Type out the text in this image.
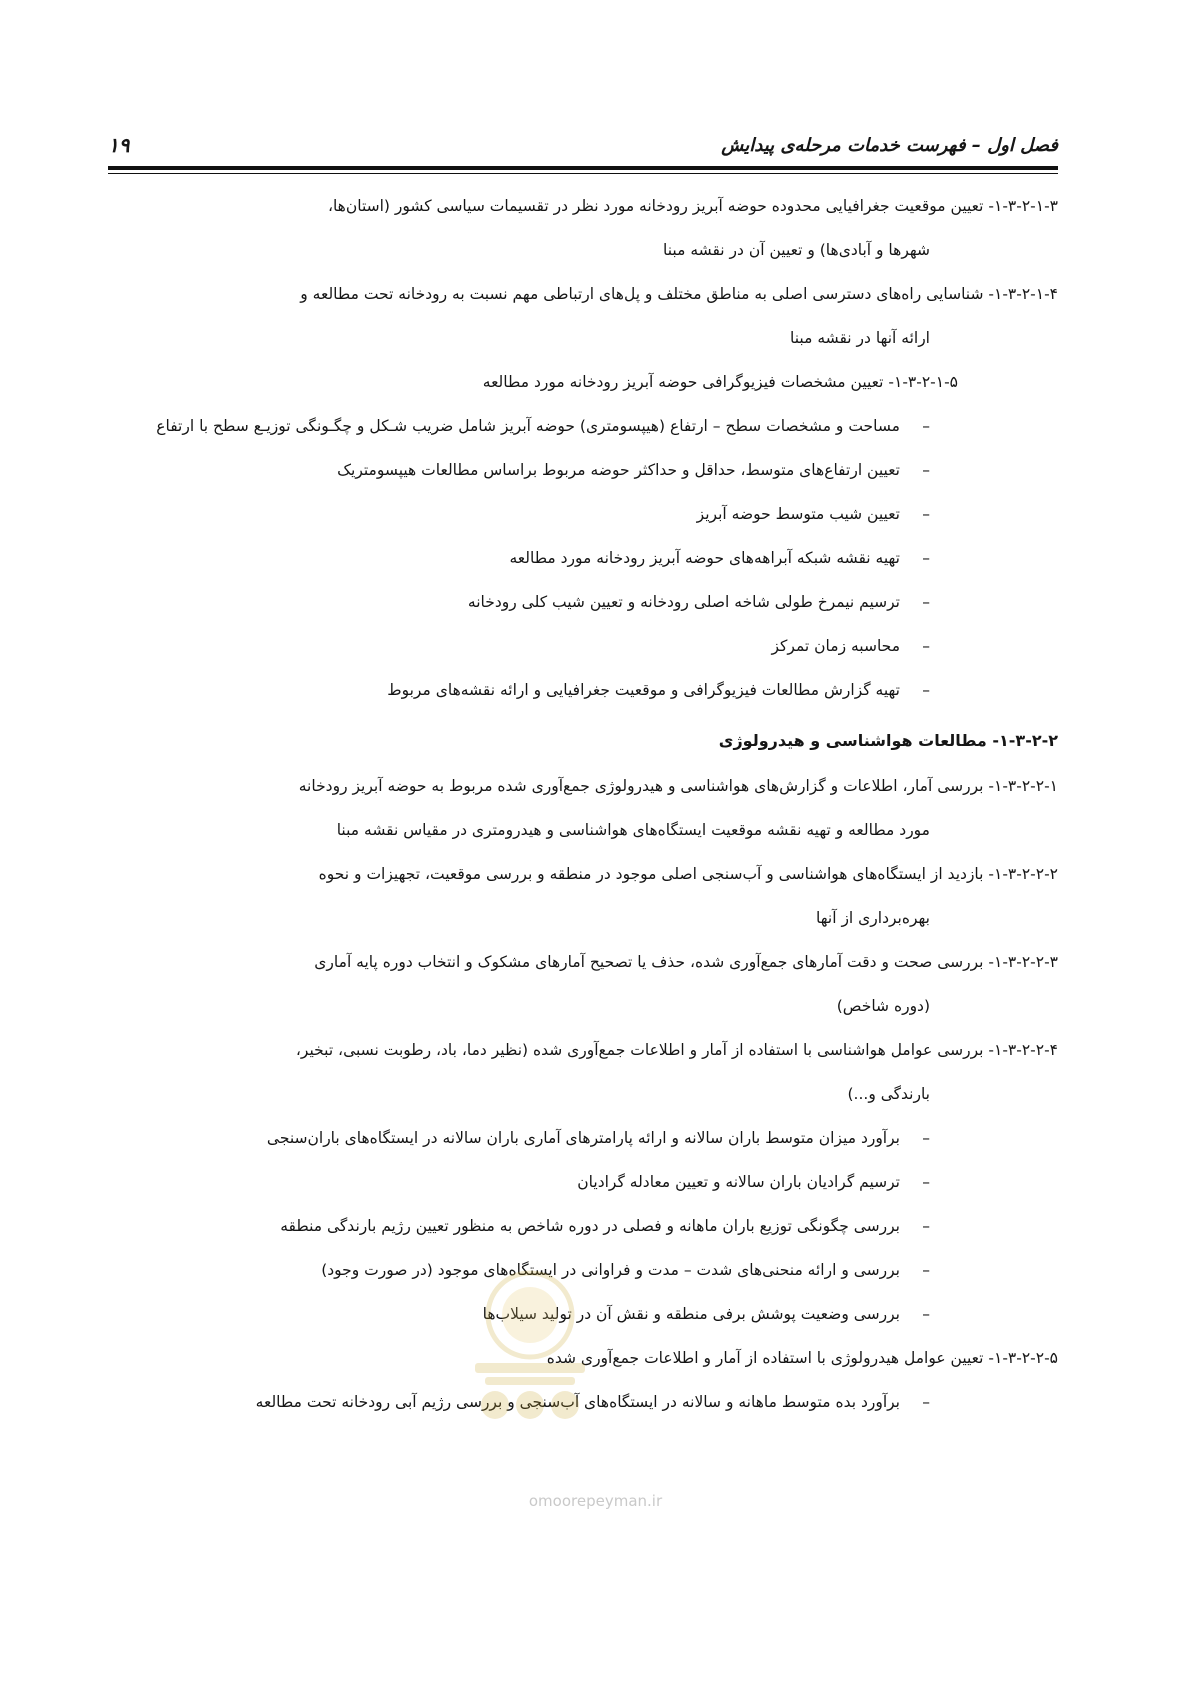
فصل اول – فهرست خدمات مرحله‌ی پیدایش
۱۹
۱-۳-۲-۱-۳- تعیین موقعیت جغرافیایی محدوده حوضه آبریز رودخانه مورد نظر در تقسیمات سیاسی کشور (استان‌ها،
شهرها و آبادی‌ها) و تعیین آن در نقشه مبنا
۱-۳-۲-۱-۴- شناسایی راه‌های دسترسی اصلی به مناطق مختلف و پل‌های ارتباطی مهم نسبت به رودخانه تحت مطالعه و
ارائه آنها در نقشه مبنا
۱-۳-۲-۱-۵- تعیین مشخصات فیزیوگرافی حوضه آبریز رودخانه مورد مطالعه
–
مساحت و مشخصات سطح – ارتفاع (هیپسومتری) حوضه آبریز شامل ضریب شـکل و چگـونگی توزیـع سطح با ارتفاع
–
تعیین ارتفاع‌های متوسط، حداقل و حداکثر حوضه مربوط براساس مطالعات هیپسومتریک
–
تعیین شیب متوسط حوضه آبریز
–
تهیه نقشه شبکه آبراهه‌های حوضه آبریز رودخانه مورد مطالعه
–
ترسیم نیمرخ طولی شاخه اصلی رودخانه و تعیین شیب کلی رودخانه
–
محاسبه زمان تمرکز
–
تهیه گزارش مطالعات فیزیوگرافی و موقعیت جغرافیایی و ارائه نقشه‌های مربوط
۱-۳-۲-۲- مطالعات هواشناسی و هیدرولوژی
۱-۳-۲-۲-۱- بررسی آمار، اطلاعات و گزارش‌های هواشناسی و هیدرولوژی جمع‌آوری شده مربوط به حوضه آبریز رودخانه
مورد مطالعه و تهیه نقشه موقعیت ایستگاه‌های هواشناسی و هیدرومتری در مقیاس نقشه مبنا
۱-۳-۲-۲-۲- بازدید از ایستگاه‌های هواشناسی و آب‌سنجی اصلی موجود در منطقه و بررسی موقعیت، تجهیزات و نحوه
بهره‌برداری از آنها
۱-۳-۲-۲-۳- بررسی صحت و دقت آمارهای جمع‌آوری شده، حذف یا تصحیح آمارهای مشکوک و انتخاب دوره پایه آماری
(دوره شاخص)
۱-۳-۲-۲-۴- بررسی عوامل هواشناسی با استفاده از آمار و اطلاعات جمع‌آوری شده (نظیر دما، باد، رطوبت نسبی، تبخیر،
بارندگی و...)
–
برآورد میزان متوسط باران سالانه و ارائه پارامترهای آماری باران سالانه در ایستگاه‌های باران‌سنجی
–
ترسیم گرادیان باران سالانه و تعیین معادله گرادیان
–
بررسی چگونگی توزیع باران ماهانه و فصلی در دوره شاخص به منظور تعیین رژیم بارندگی منطقه
–
بررسی و ارائه منحنی‌های شدت – مدت و فراوانی در ایستگاه‌های موجود (در صورت وجود)
–
بررسی وضعیت پوشش برفی منطقه و نقش آن در تولید سیلاب‌ها
۱-۳-۲-۲-۵- تعیین عوامل هیدرولوژی با استفاده از آمار و اطلاعات جمع‌آوری شده
–
برآورد بده متوسط ماهانه و سالانه در ایستگاه‌های آب‌سنجی و بررسی رژیم آبی رودخانه تحت مطالعه
omoorepeyman.ir
